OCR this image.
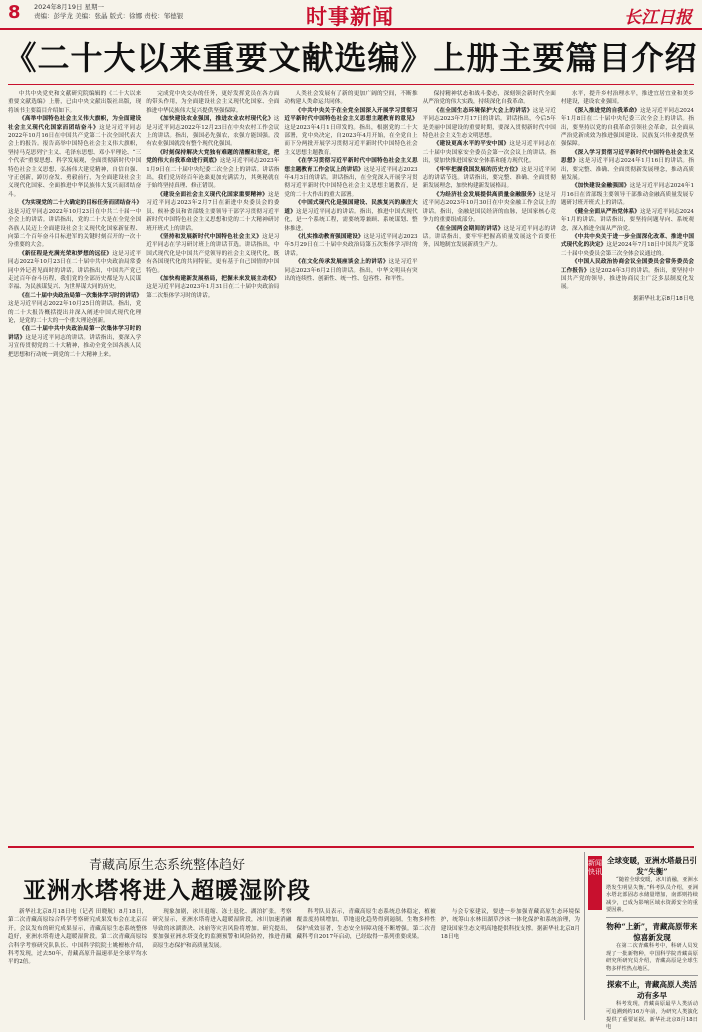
8 2024年8月19日 星期一
责编：彭学龙 美编：张晶 版式：徐娜 责校：邹德银	时事新闻	长江日报
《二十大以来重要文献选编》上册主要篇目介绍

中共中央党史和文献研究院编辑的《二十大以来重要文献选编》上册，已由中央文献出版社出版，现将该书主要篇目介绍如下。

《高举中国特色社会主义伟大旗帜，为全面建设社会主义现代化国家而团结奋斗》这是习近平同志2022年10月16日在中国共产党第二十次全国代表大会上的报告。报告高举中国特色社会主义伟大旗帜，坚持马克思列宁主义、毛泽东思想、邓小平理论、“三个代表”重要思想、科学发展观，全面贯彻新时代中国特色社会主义思想，弘扬伟大建党精神，自信自强、守正创新，踔厉奋发、勇毅前行，为全面建设社会主义现代化国家、全面推进中华民族伟大复兴而团结奋斗。

《为实现党的二十大确定的目标任务而团结奋斗》这是习近平同志2022年10月23日在中共二十届一中全会上的讲话。讲话指出，党的二十大是在全党全国各族人民迈上全面建设社会主义现代化国家新征程、向第二个百年奋斗目标进军的关键时刻召开的一次十分重要的大会。

《新征程是充满光荣和梦想的远征》这是习近平同志2022年10月23日在二十届中共中央政治局常委同中外记者见面时的讲话。讲话指出，中国共产党已走过百年奋斗历程，我们党的全部历史都是为人民谋幸福、为民族谋复兴、为世界谋大同的历史。

《在二十届中央政治局第一次集体学习时的讲话》这是习近平同志2022年10月25日的讲话。指出，党的二十大报告概括提出并深入阐述中国式现代化理论，是党的二十大的一个重大理论创新。

《在二十届中共中央政治局第一次集体学习时的讲话》这是习近平同志的讲话。讲话指出，要深入学习宣传贯彻党的二十大精神，推动全党全国各族人民把思想和行动统一到党的二十大精神上来。

完成党中央交办的任务，更好发挥党员在各方面的带头作用，为全面建设社会主义现代化国家、全面推进中华民族伟大复兴提供坚强保障。

《加快建设农业强国，推进农业农村现代化》这是习近平同志2022年12月23日在中央农村工作会议上的讲话。指出，强国必先强农，农强方能国强。没有农业强国就没有整个现代化强国。

《时刻保持解决大党独有难题的清醒和坚定，把党的伟大自我革命进行到底》这是习近平同志2023年1月9日在二十届中央纪委二次全会上的讲话。讲话指出，我们党历经百年沧桑更加充满活力，其奥秘就在于始终坚持真理、修正错误。

《建设全面社会主义现代化国家重要精神》这是习近平同志2023年2月7日在新进中央委员会的委员、候补委员和省部级主要领导干部学习贯彻习近平新时代中国特色社会主义思想和党的二十大精神研讨班开班式上的讲话。

《坚持和发展新时代中国特色社会主义》这是习近平同志在学习研讨班上的讲话节选。讲话指出，中国式现代化是中国共产党领导的社会主义现代化，既有各国现代化的共同特征，更有基于自己国情的中国特色。

《加快构建新发展格局，把握未来发展主动权》这是习近平同志2023年1月31日在二十届中央政治局第二次集体学习时的讲话。

人类社会发展有了新的更加广阔的空间，不断推动构建人类命运共同体。

《中共中央关于在全党全国深入开展学习贯彻习近平新时代中国特色社会主义思想主题教育的意见》这是2023年4月1日印发的。指出，根据党的二十大部署，党中央决定，自2023年4月开始，在全党自上而下分两批开展学习贯彻习近平新时代中国特色社会主义思想主题教育。

《在学习贯彻习近平新时代中国特色社会主义思想主题教育工作会议上的讲话》这是习近平同志2023年4月3日的讲话。讲话指出，在全党深入开展学习贯彻习近平新时代中国特色社会主义思想主题教育，是党的二十大作出的重大部署。

《中国式现代化是强国建设、民族复兴的康庄大道》这是习近平同志的讲话。指出，推进中国式现代化，是一个系统工程，需要统筹兼顾、系统谋划、整体推进。

《扎实推动教育强国建设》这是习近平同志2023年5月29日在二十届中央政治局第五次集体学习时的讲话。

《在文化传承发展座谈会上的讲话》这是习近平同志2023年6月2日的讲话。指出，中华文明具有突出的连续性、创新性、统一性、包容性、和平性。

保持精神状态和战斗姿态，深刻领会新时代全面从严治党的伟大实践，持续深化自我革命。

《在全国生态环境保护大会上的讲话》这是习近平同志2023年7月17日的讲话。讲话指出，今后5年是美丽中国建设的重要时期，要深入贯彻新时代中国特色社会主义生态文明思想。

《建设更高水平的平安中国》这是习近平同志在二十届中央国家安全委员会第一次会议上的讲话。指出，要加快推进国家安全体系和能力现代化。

《牢牢把握我国发展的历史方位》这是习近平同志的讲话节选。讲话指出，要完整、准确、全面贯彻新发展理念，加快构建新发展格局。

《为经济社会发展提供高质量金融服务》这是习近平同志2023年10月30日在中央金融工作会议上的讲话。指出，金融是国民经济的血脉，是国家核心竞争力的重要组成部分。

《在全国两会期间的讲话》这是习近平同志的讲话。讲话指出，要牢牢把握高质量发展这个首要任务，因地制宜发展新质生产力。

水平，提升乡村治理水平，推进宜居宜业和美乡村建设，建设农业强国。

《深入推进党的自我革命》这是习近平同志2024年1月8日在二十届中央纪委三次全会上的讲话。指出，要坚持以党的自我革命引领社会革命，以全面从严治党新成效为推进强国建设、民族复兴伟业提供坚强保障。

《深入学习贯彻习近平新时代中国特色社会主义思想》这是习近平同志2024年1月16日的讲话。指出，要完整、准确、全面贯彻新发展理念，推动高质量发展。

《加快建设金融强国》这是习近平同志2024年1月16日在省部级主要领导干部推动金融高质量发展专题研讨班开班式上的讲话。

《健全全面从严治党体系》这是习近平同志2024年1月的讲话。讲话指出，要坚持问题导向、系统观念，深入推进全面从严治党。

《中共中央关于进一步全面深化改革、推进中国式现代化的决定》这是2024年7月18日中国共产党第二十届中央委员会第三次全体会议通过的。

《中国人民政治协商会议全国委员会常务委员会工作报告》这是2024年3月的讲话。指出，要坚持中国共产党的领导，推进协商民主广泛多层制度化发展。

据新华社北京8月18日电
青藏高原生态系统整体趋好
亚洲水塔将进入超暖湿阶段

新华社北京8月18日电（记者 田晓航）8月18日，第二次青藏高原综合科学考察研究成果发布会在北京召开。会议发布的研究成果显示，青藏高原生态系统整体趋好，亚洲水塔将进入超暖湿阶段。第二次青藏高原综合科学考察研究队队长、中国科学院院士姚檀栋介绍，科考发现，过去50年，青藏高原升温速率是全球平均水平的2倍。

现象加剧，冰川退缩、冻土退化、湖泊扩张。考察研究显示，亚洲水塔将进入超暖湿阶段，冰川加速消融导致的冰湖溃决、冰崩等灾害风险将增加。研究提出，要加强亚洲水塔变化的监测预警和风险防控，推进青藏高原生态保护和高质量发展。

科考队员表示，青藏高原生态系统总体稳定，植被覆盖度持续增加，草地退化趋势得到遏制，生物多样性保护成效显著，生态安全屏障功能不断增强。第二次青藏科考自2017年启动，已经取得一系列重要成果。

与会专家建议，要进一步加强青藏高原生态环境保护，统筹山水林田湖草沙冰一体化保护和系统治理，为建设国家生态文明高地提供科技支撑。据新华社北京8月18日电

新闻快讯
全球变暖，亚洲水塔最吕引发“失衡”
“随着全球变暖，冰川消融，亚洲水塔发生明显失衡。”科考队员介绍，亚洲水塔北部固态水储量增加，南部则持续减少，已成为影响区域水资源安全的重要因素。
物种“上新”，青藏高原带来惊喜新发现
在第二次青藏科考中，科研人员发现了一批新物种，中国科学院青藏高原研究所研究员介绍，青藏高原是全球生物多样性热点地区。
探索不止，青藏高原人类活动有多早
科考发现，青藏高原最早人类活动可追溯到约16万年前，为研究人类演化提供了重要证据。新华社北京8月18日电
